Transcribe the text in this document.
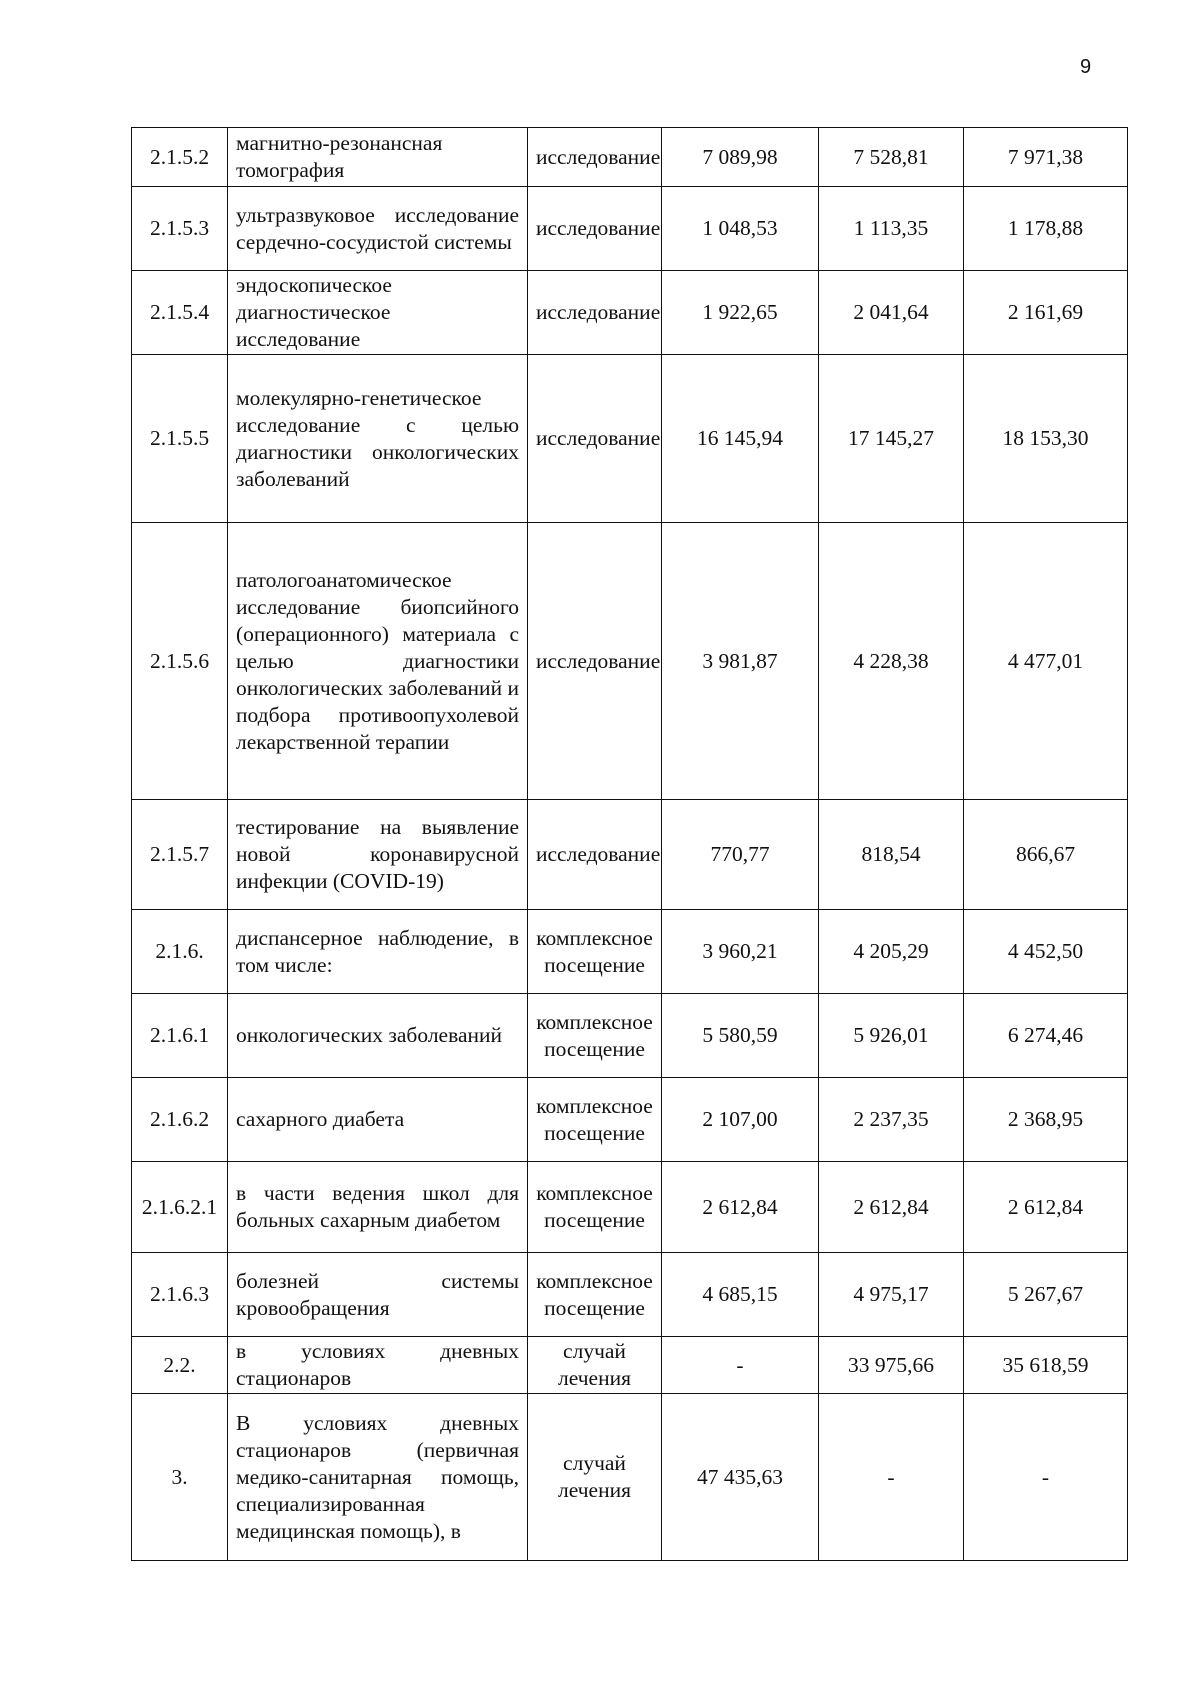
9
2.1.5.2	магнитно-резонансная томография	исследование	7 089,98	7 528,81	7 971,38
2.1.5.3	ультразвуковое исследование сердечно-сосудистой системы	исследование	1 048,53	1 113,35	1 178,88
2.1.5.4	эндоскопическое диагностическое исследование	исследование	1 922,65	2 041,64	2 161,69
2.1.5.5	молекулярно-генетическое исследование с целью диагностики онкологических заболеваний	исследование	16 145,94	17 145,27	18 153,30
2.1.5.6	патологоанатомическое исследование биопсийного (операционного) материала с целью диагностики онкологических заболеваний и подбора противоопухолевой лекарственной терапии	исследование	3 981,87	4 228,38	4 477,01
2.1.5.7	тестирование на выявление новой коронавирусной инфекции (COVID-19)	исследование	770,77	818,54	866,67
2.1.6.	диспансерное наблюдение, в том числе:	комплексное посещение	3 960,21	4 205,29	4 452,50
2.1.6.1	онкологических заболеваний	комплексное посещение	5 580,59	5 926,01	6 274,46
2.1.6.2	сахарного диабета	комплексное посещение	2 107,00	2 237,35	2 368,95
2.1.6.2.1	в части ведения школ для больных сахарным диабетом	комплексное посещение	2 612,84	2 612,84	2 612,84
2.1.6.3	болезней системы кровообращения	комплексное посещение	4 685,15	4 975,17	5 267,67
2.2.	в условиях дневных стационаров	случай лечения	-	33 975,66	35 618,59
3.	В условиях дневных стационаров (первичная медико-санитарная помощь, специализированная медицинская помощь), в	случай лечения	47 435,63	-	-
